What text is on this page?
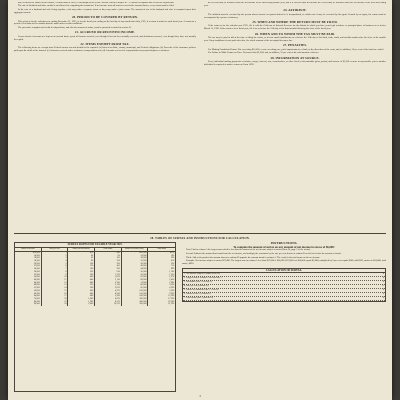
tion 28 shows the surtax on the income, a return must be filed, even though no tax is due. Income which is subject to ... Personal Exemption and Credit for Dependents.

The rate of dividend and other credits is not allowed in computing the normal tax. If net income from all sources exceeds the amount shown, every return must be filed.

In the case of a husband and wife living together, each may make a separate return or they may make a joint return. The amount of tax of the husband and wife is computed upon their aggregate income.

20. PERIOD TO BE COVERED BY RETURN.

This return is for the calendar year ending December 31, 1925, or for the fiscal year ending on the last day of any month after July, 1925, if a return is made for such fiscal year. A return for a period of less than twelve months must be made under certain conditions.

The personal exemption and credit for dependents, and also the amount of surtax, must be prorated as stated in section 21.

21. ACCRUED OR RECEIVED INCOME.

If your books of account are kept on an accrual basis, report all income accrued, even though it has not been actually received, and deductions accrued, even though they have not actually been paid.

22. ITEMS EXEMPT FROM TAX.

The following items are exempt from Federal income tax and should not be reported: (a) Interest on State, county, municipal, and Federal obligations; (b) Proceeds of life insurance policies paid upon the death of the insured; (c) Amounts received under workmen's compensation acts; (d) Amounts received as compensation for personal injuries or sickness.

the net loss may be deducted from the net income of the succeeding taxable year, and if it exceeds such net income the excess may be deducted from the net income of the next succeeding year.

24. AFFIDAVIT.

The affidavit must be executed by the person whose income is reported unless he is incapacitated, in which case it may be executed by his agent. If made by an agent, the return must be accompanied by a power of attorney.

25. WHEN AND WHERE THE RETURN MUST BE FILED.

If the return is for the calendar year 1925, file it with the Collector of Internal Revenue for the district in which you have your legal residence or principal place of business on or before March 15, 1926. If the return is for a fiscal year, file it on or before the 15th day of the third month following the close of the fiscal year.

26. WHEN AND TO WHOM THE TAX MUST BE PAID.

The tax may be paid in full at the time of filing the return, or in four equal installments on or before the 15th day of the third, sixth, ninth, and twelfth months after the close of the taxable year. If any installment is not paid when due, the whole amount of the tax unpaid becomes due.

27. PENALTIES.

For Making Fraudulent Return. Not exceeding $10,000, or not exceeding one year's imprisonment, or both, in the discretion of the court, and, in addition, 50 per cent of the total tax evaded.

For Failure to Make Return on Time. Not more than $1,000; and, in addition, 25 per cent of the total amount of the tax.

28. INFORMATION AT SOURCE.

Every individual making payments of salaries, wages, interest, rent, commissions, or other fixed or determinable gains, profits, and income of $1,500 or more in any taxable year to another individual is required to make a return on Form 1099.

28. TABLES OF SURTAX AND INSTRUCTIONS FOR CALCULATION.
SURTAX RATES FOR TAXABLE YEAR 1925.
Surtax net income	Rate per cent	Surtax on each bracket	Total surtax	Surtax net income (over)	Total surtax
$10,000	1	$10	$10	$20,000	$110
14,000	2	80	90	24,000	190
16,000	3	60	150	28,000	290
18,000	4	80	230	32,000	410
20,000	5	100	330	36,000	550
22,000	6	120	450	40,000	710
24,000	7	140	590	44,000	890
28,000	8	320	910	50,000	1,190
32,000	9	360	1,270	56,000	1,550
36,000	10	400	1,670	62,000	1,970
40,000	11	440	2,110	68,000	2,450
44,000	12	480	2,590	74,000	2,990
48,000	13	520	3,110	80,000	3,590
52,000	14	560	3,670	90,000	4,390
56,000	15	600	4,270	100,000	5,290
60,000	16	640	4,910	150,000	9,290
64,000	17	680	5,590	200,000	15,290
70,000	18	1,080	6,670	300,000	27,290
80,000	19	1,900	8,570	400,000	39,290
90,000	20	2,000	10,570	500,000	51,290
INSTRUCTIONS.
To compute the amount of surtax on any amount of net income in excess of $6,000:

First: Find in column A the largest sum which is less than the amount of the net income subject to surtax (Item 20, page 2 of the return).

Second: Subtract the amount thus found from the net income, and multiply the remainder by the rate per cent shown in column B on the line below the amount so found.

Third: Add to the product the amount shown in column D opposite the amount found in column A. The result is the total surtax on the net income.

Example: Net income subject to surtax $27,000. The largest sum in column A less than $27,000 is $24,000. $27,000 less $24,000 equals $3,000; multiplied by 8 per cent equals $240; add $590, surtax on $24,000; total surtax, $830.

CALCULATION OF SURTAX.
1. Net income subject to surtax (Item 20)	$
2. Largest sum in column A less than line 1	$
3. Remainder (line 1 less line 2)	$
4. Rate per cent (column B)	%
5. Surtax on remainder (line 3 × line 4)	$
6. Surtax on line 2 (column D)	$
7. Total surtax (line 5 plus line 6)	$
4
